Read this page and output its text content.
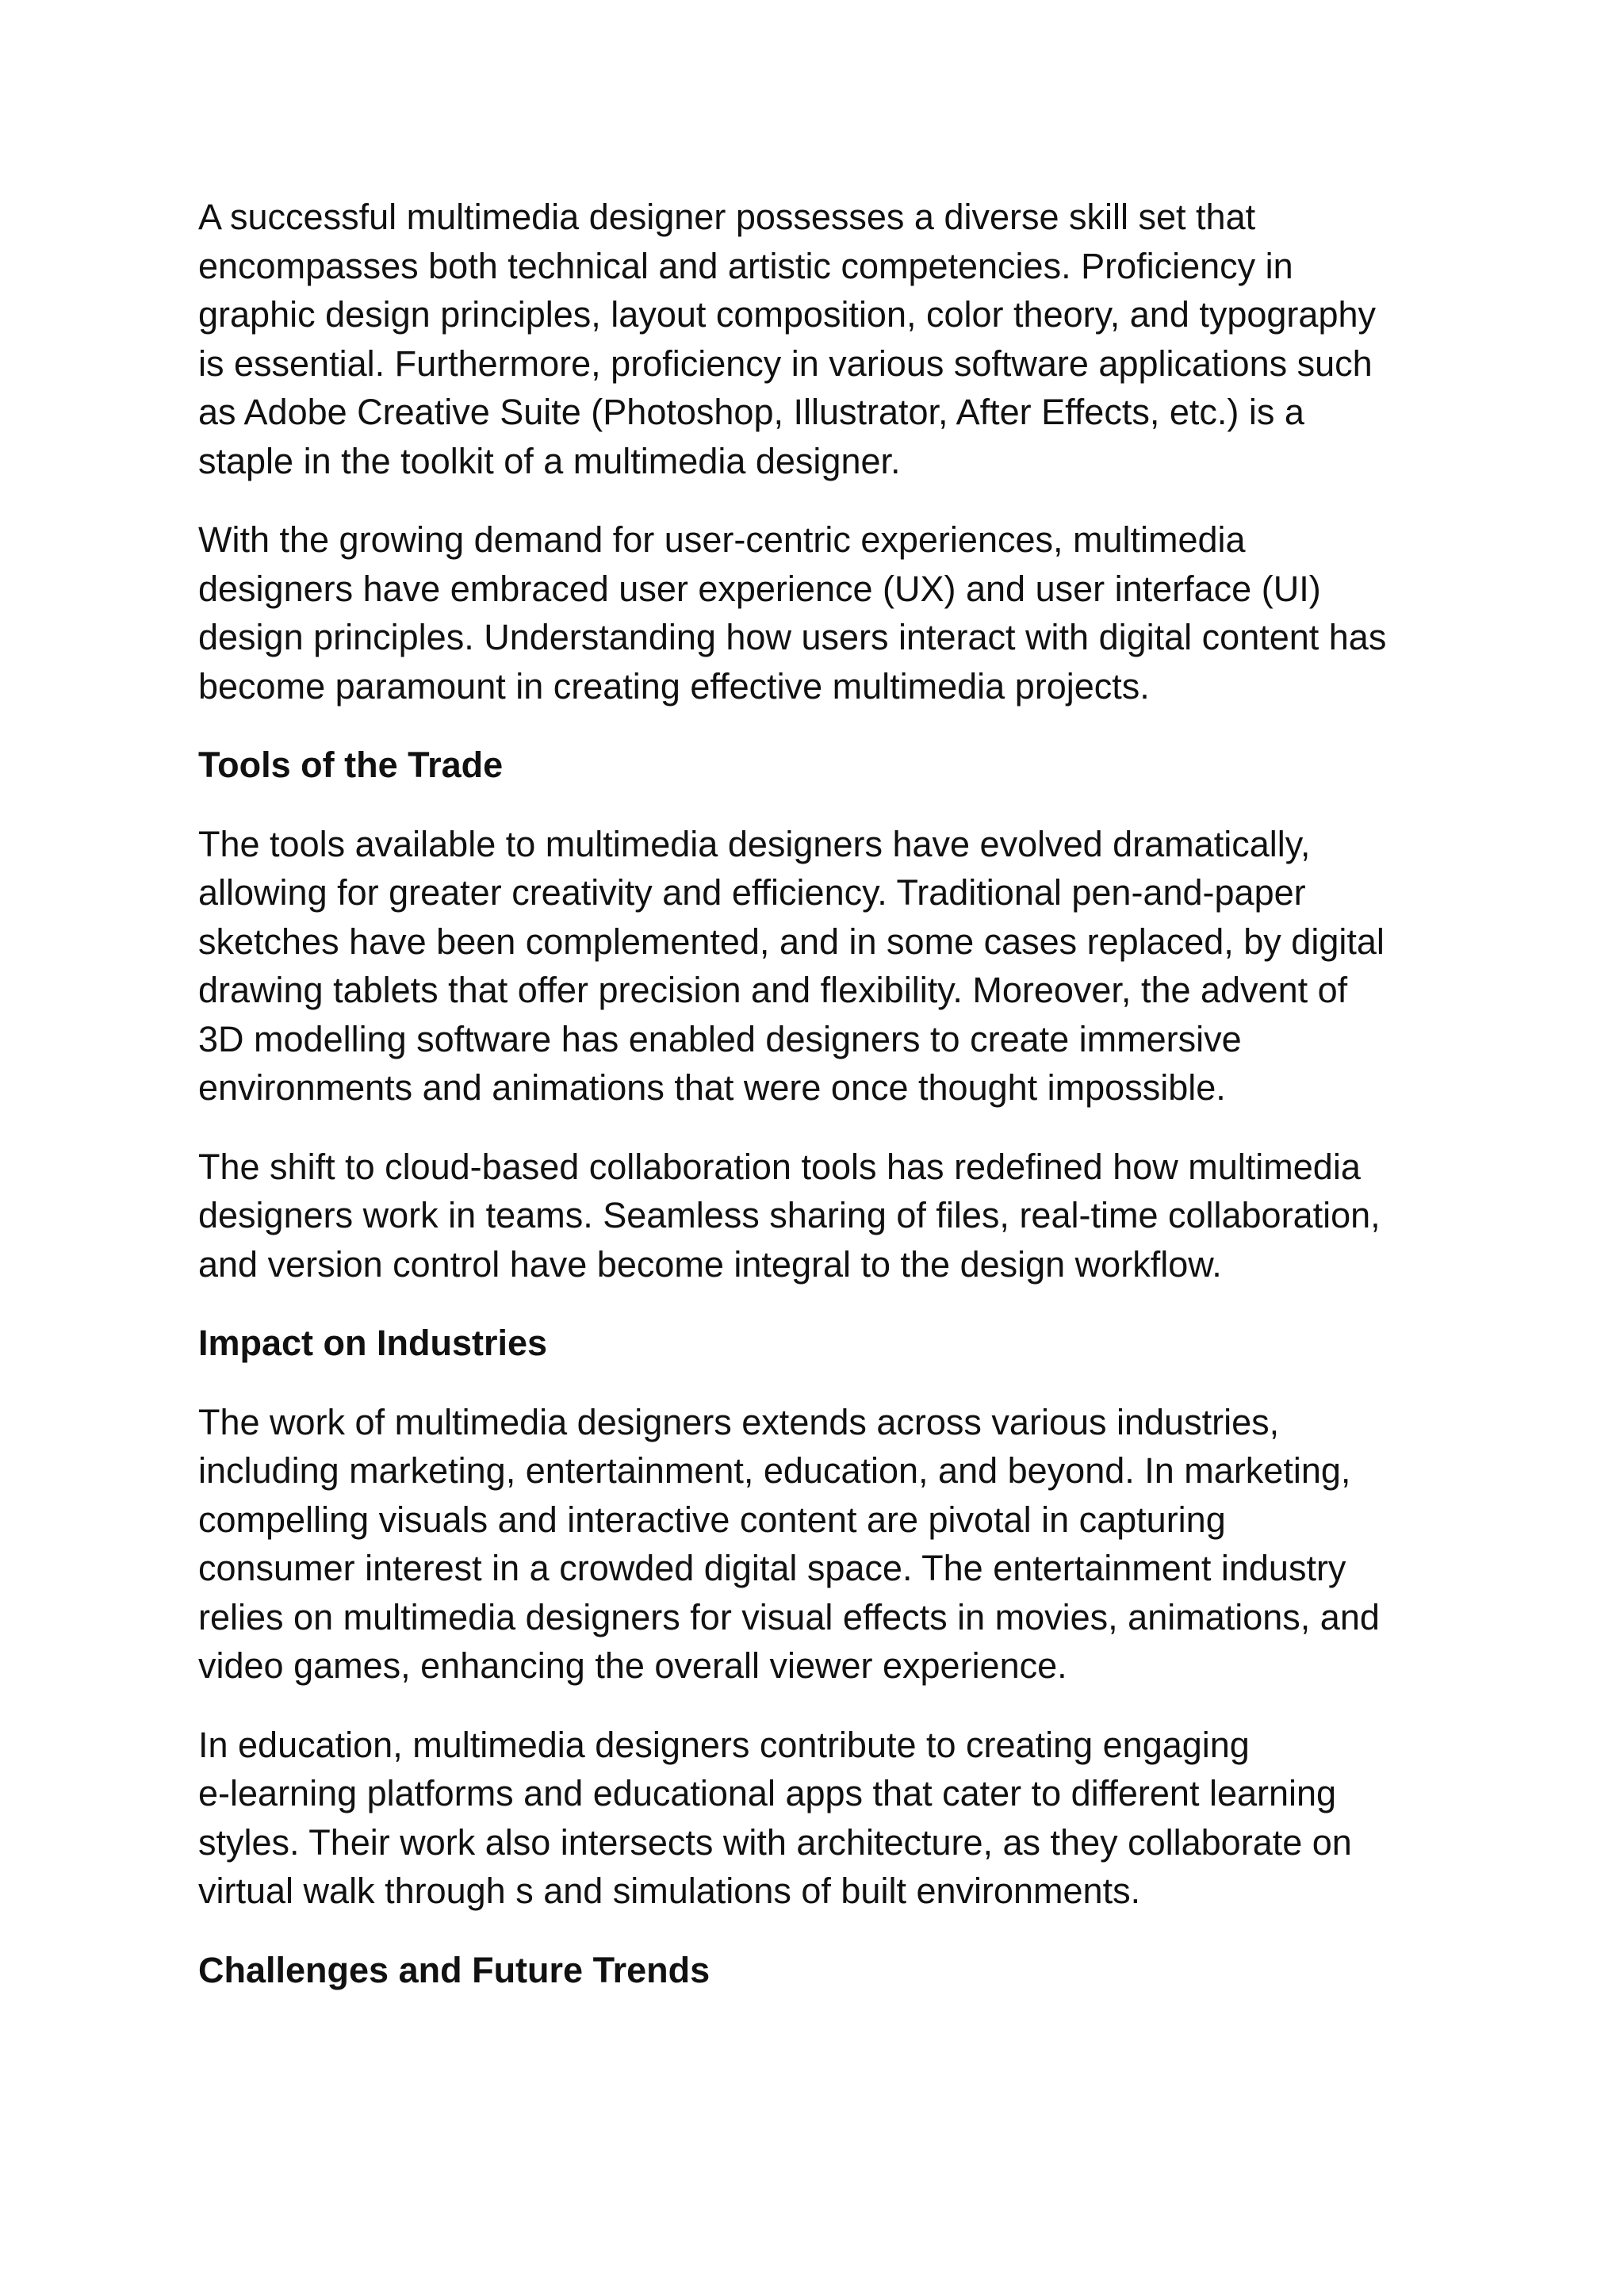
A successful multimedia designer possesses a diverse skill set that
encompasses both technical and artistic competencies. Proficiency in
graphic design principles, layout composition, color theory, and typography
is essential. Furthermore, proficiency in various software applications such
as Adobe Creative Suite (Photoshop, Illustrator, After Effects, etc.) is a
staple in the toolkit of a multimedia designer.

With the growing demand for user-centric experiences, multimedia
designers have embraced user experience (UX) and user interface (UI)
design principles. Understanding how users interact with digital content has
become paramount in creating effective multimedia projects.

Tools of the Trade

The tools available to multimedia designers have evolved dramatically,
allowing for greater creativity and efficiency. Traditional pen-and-paper
sketches have been complemented, and in some cases replaced, by digital
drawing tablets that offer precision and flexibility. Moreover, the advent of
3D modelling software has enabled designers to create immersive
environments and animations that were once thought impossible.

The shift to cloud-based collaboration tools has redefined how multimedia
designers work in teams. Seamless sharing of files, real-time collaboration,
and version control have become integral to the design workflow.

Impact on Industries

The work of multimedia designers extends across various industries,
including marketing, entertainment, education, and beyond. In marketing,
compelling visuals and interactive content are pivotal in capturing
consumer interest in a crowded digital space. The entertainment industry
relies on multimedia designers for visual effects in movies, animations, and
video games, enhancing the overall viewer experience.

In education, multimedia designers contribute to creating engaging
e-learning platforms and educational apps that cater to different learning
styles. Their work also intersects with architecture, as they collaborate on
virtual walk through s and simulations of built environments.

Challenges and Future Trends
